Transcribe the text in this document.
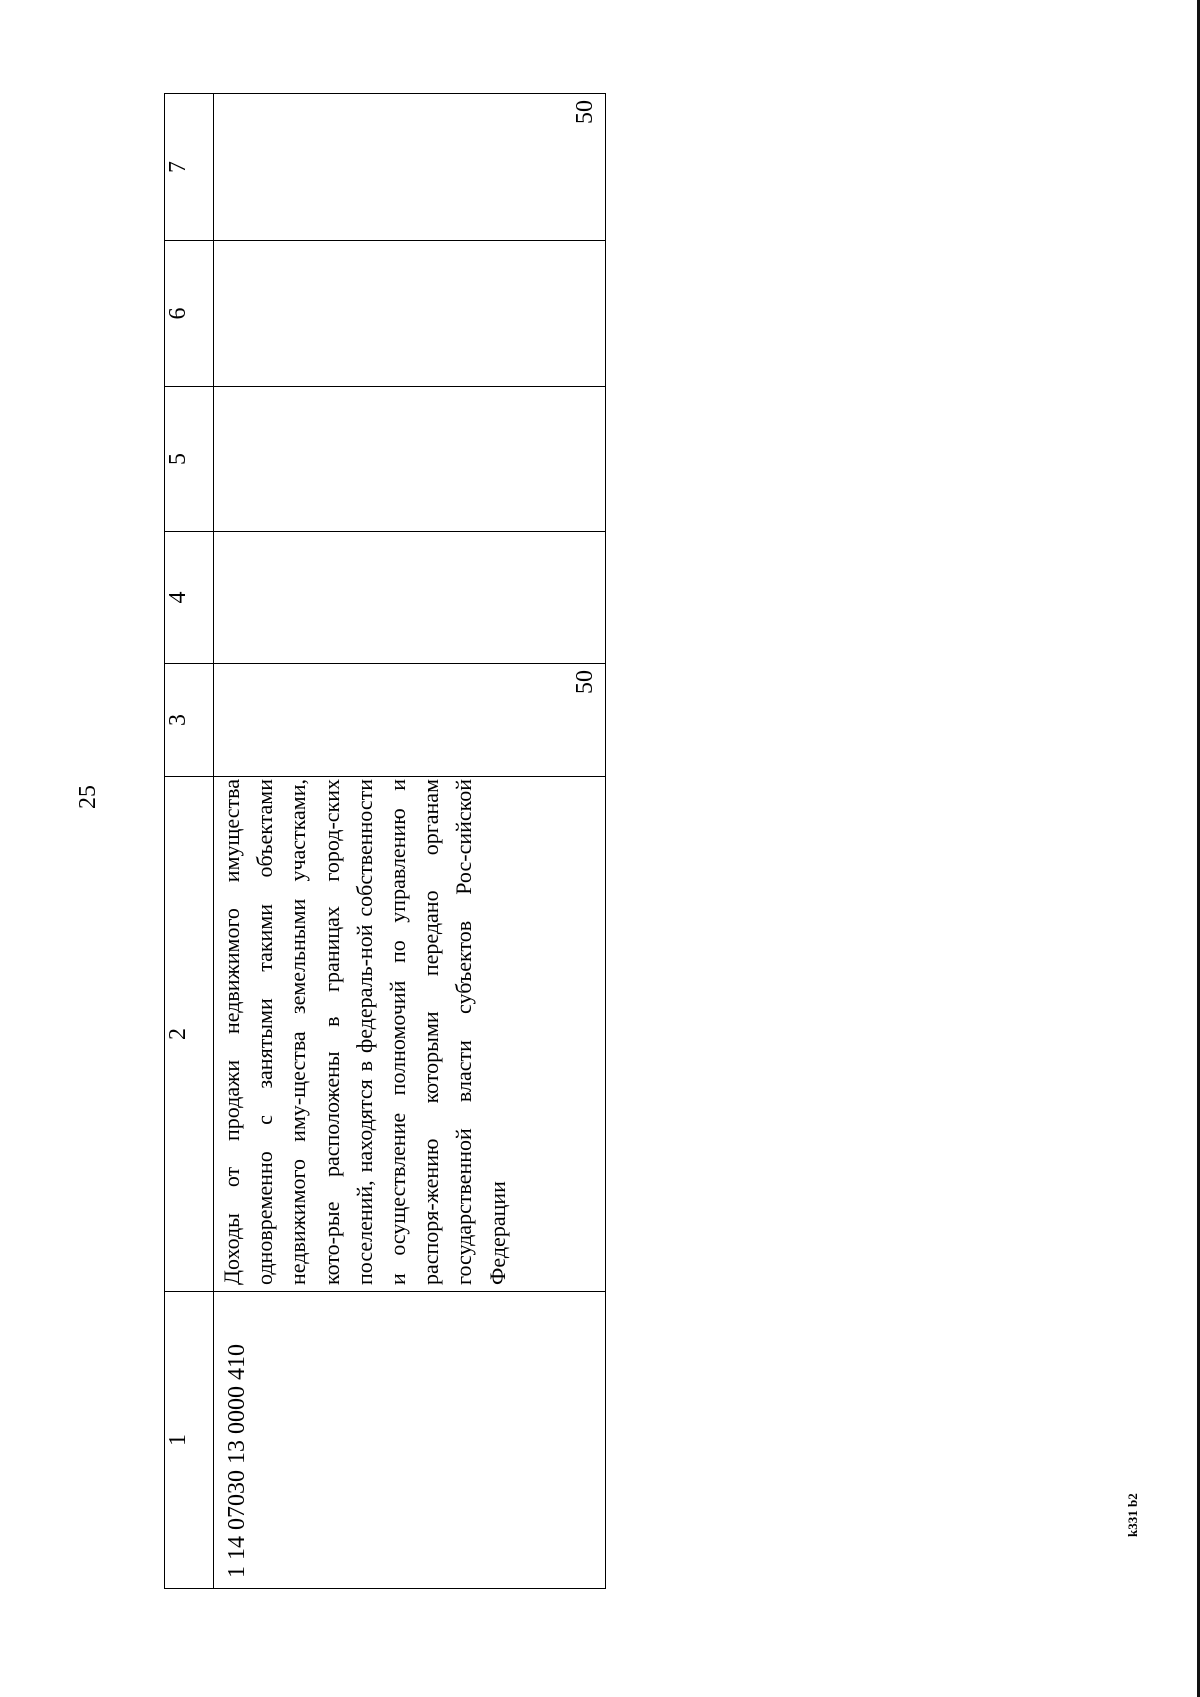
25
k331 b2
1	2	3	4	5	6	7
1 14 07030 13 0000 410	Доходы от продажи недвижимого имущества одновременно с занятыми такими объектами недвижимого иму-щества земельными участками, кото-рые расположены в границах город-ских поселений, находятся в федераль-ной собственности и осуществление полномочий по управлению и распоря-жению которыми передано органам государственной власти субъектов Рос-сийской Федерации	50				50
